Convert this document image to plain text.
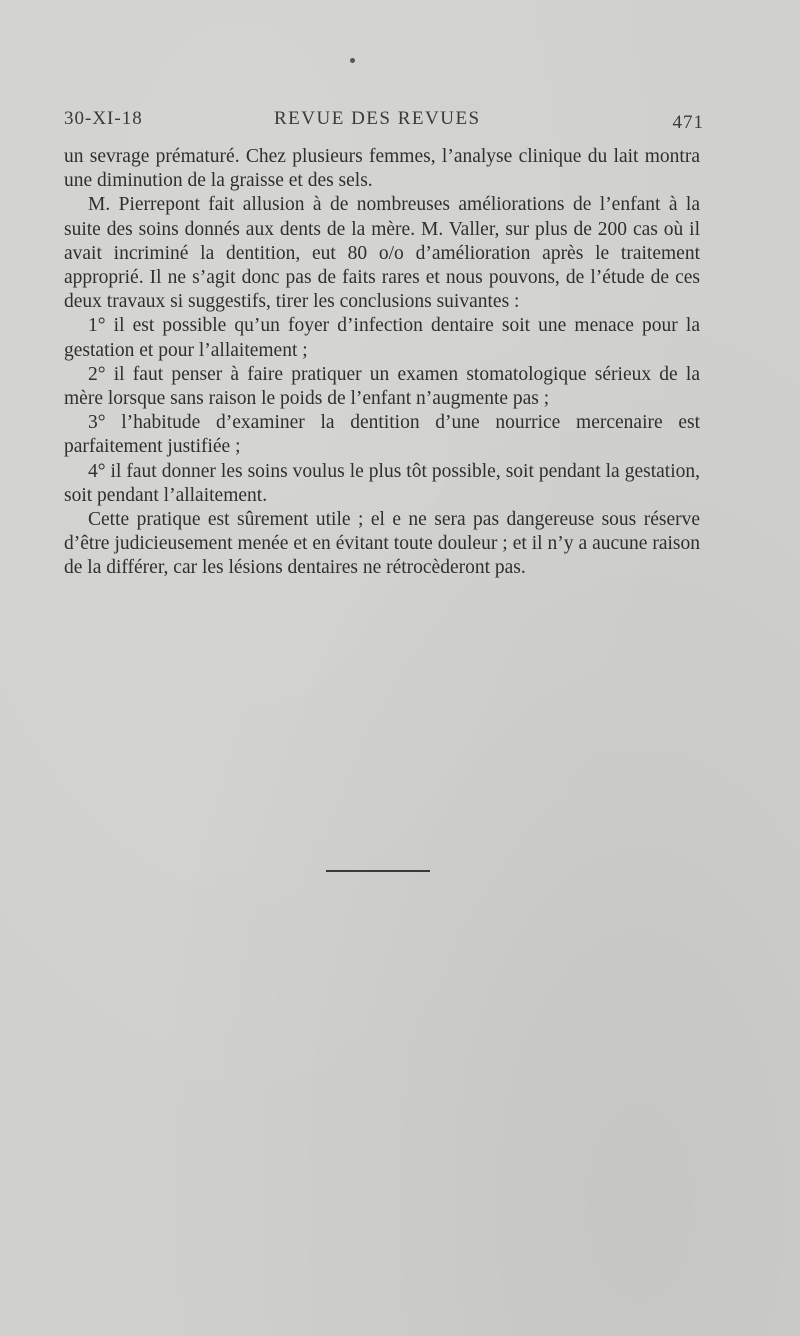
30-XI-18	REVUE DES REVUES	471

un sevrage prématuré. Chez plusieurs femmes, l’analyse clinique du lait montra une diminution de la graisse et des sels.

M. Pierrepont fait allusion à de nombreuses améliorations de l’enfant à la suite des soins donnés aux dents de la mère. M. Valler, sur plus de 200 cas où il avait incriminé la dentition, eut 80 o/o d’amélioration après le traitement approprié. Il ne s’agit donc pas de faits rares et nous pouvons, de l’étude de ces deux travaux si suggestifs, tirer les conclusions suivantes :

1° il est possible qu’un foyer d’infection dentaire soit une menace pour la gestation et pour l’allaitement ;

2° il faut penser à faire pratiquer un examen stomatologique sérieux de la mère lorsque sans raison le poids de l’enfant n’augmente pas ;

3° l’habitude d’examiner la dentition d’une nourrice mercenaire est parfaitement justifiée ;

4° il faut donner les soins voulus le plus tôt possible, soit pendant la gestation, soit pendant l’allaitement.

Cette pratique est sûrement utile ; el e ne sera pas dangereuse sous réserve d’être judicieusement menée et en évitant toute douleur ; et il n’y a aucune raison de la différer, car les lésions dentaires ne rétrocèderont pas.
